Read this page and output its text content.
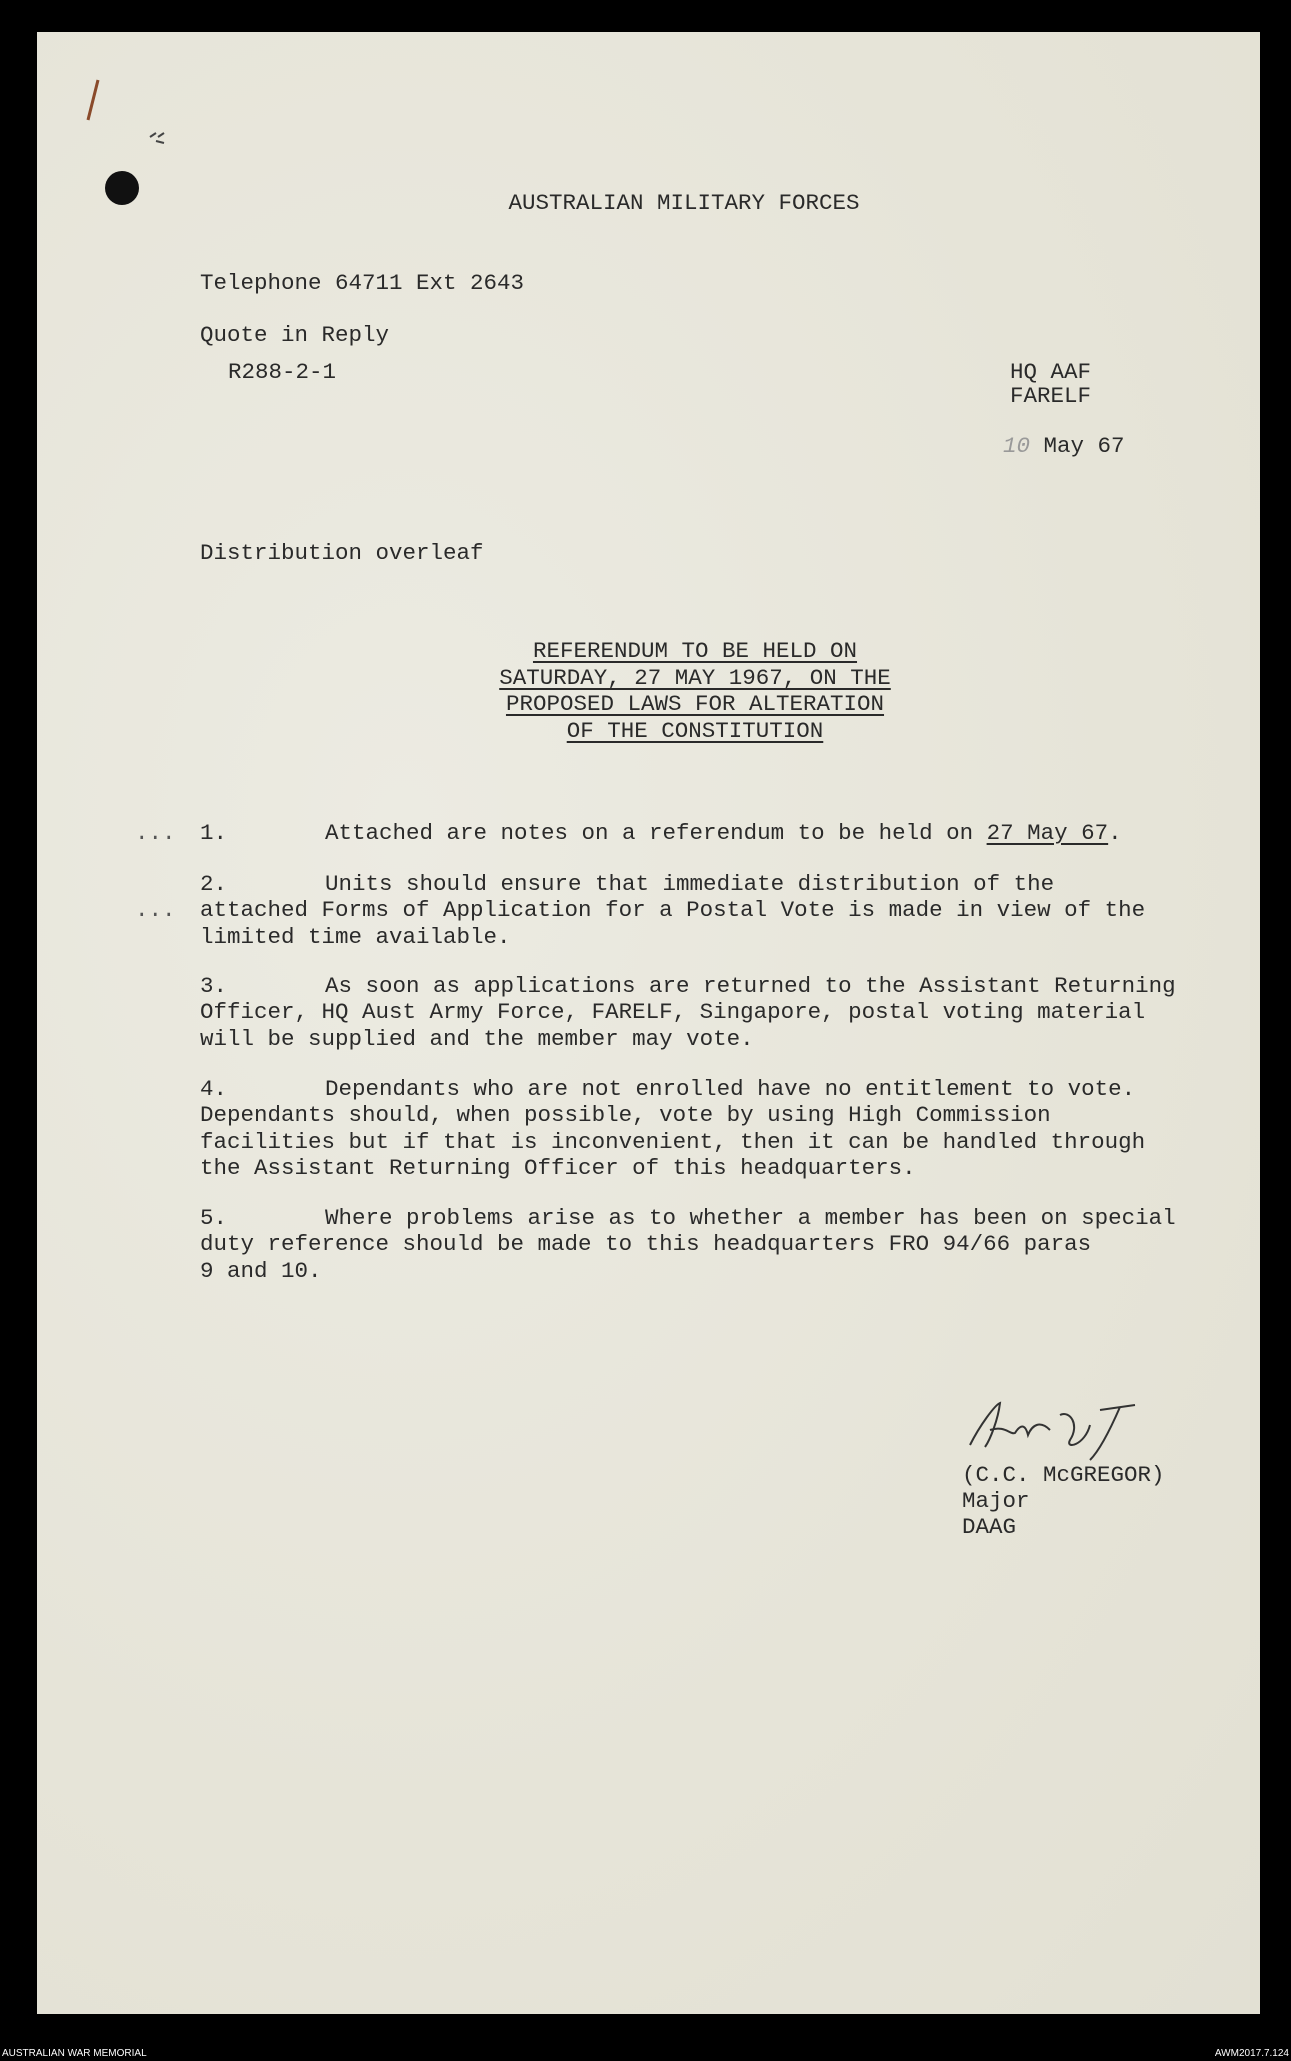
AUSTRALIAN MILITARY FORCES
Telephone 64711 Ext 2643
Quote in Reply
R288-2-1	HQ AAF
FARELF
10 May 67
Distribution overleaf
REFERENDUM TO BE HELD ON
SATURDAY, 27 MAY 1967, ON THE
PROPOSED LAWS FOR ALTERATION
OF THE CONSTITUTION
...
...
1.	Attached are notes on a referendum to be held on 27 May 67.
2.	Units should ensure that immediate distribution of the
attached Forms of Application for a Postal Vote is made in view of the
limited time available.
3.	As soon as applications are returned to the Assistant Returning
Officer, HQ Aust Army Force, FARELF, Singapore, postal voting material
will be supplied and the member may vote.
4.	Dependants who are not enrolled have no entitlement to vote.
Dependants should, when possible, vote by using High Commission
facilities but if that is inconvenient, then it can be handled through
the Assistant Returning Officer of this headquarters.
5.	Where problems arise as to whether a member has been on special
duty reference should be made to this headquarters FRO 94/66 paras
9 and 10.
(C.C. McGREGOR)
Major
DAAG
AUSTRALIAN WAR MEMORIAL	AWM2017.7.124
